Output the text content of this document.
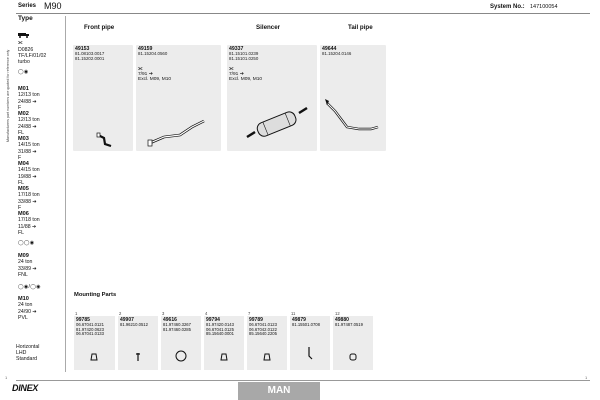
Series M90	System No.: 147100054
Manufacturers part numbers are quoted for reference only
Type
⫘
D0826
TF/LF/01/02
turbo
◯◉
M01
12/13 ton
24/88 ➔
F
M02
12/13 ton
24/88 ➔
FL
M03
14/15 ton
31/88 ➔
F
M04
14/15 ton
19/88 ➔
FL
M05
17/18 ton
33/88 ➔
F
M06
17/18 ton
11/88 ➔
FL
◯◯◉
M09
24 ton
33/89 ➔
FNL
◯◉/◯◉
M10
24 ton
24/90 ➔
PVL
Front pipe	Silencer	Tail pipe
49153
81.08103.0017
81.15202.0001
49159
81.15204.0560
⫘
7/91 ➔
Excl. M09, M10
49337
81.15101.0239
81.15101.0250
⫘
7/91 ➔
Excl. M09, M10
49644
81.15204.0146
Mounting Parts
1	2	3	4	7	11	12
99785
06.67041.0121
81.97420.0623
06.67041.0133
49907
81.96210.0512
49616
81.97460.3267
81.97460.0285
99794
81.97420.0143
06.67041.0125
85.15640.0001
99789
06.67041.0123
06.67042.0122
85.15640.2205
49879
81.15501.0708
49880
81.97487.0519
Horizontal
LHD
Standard
1	1
DINEX	MAN
